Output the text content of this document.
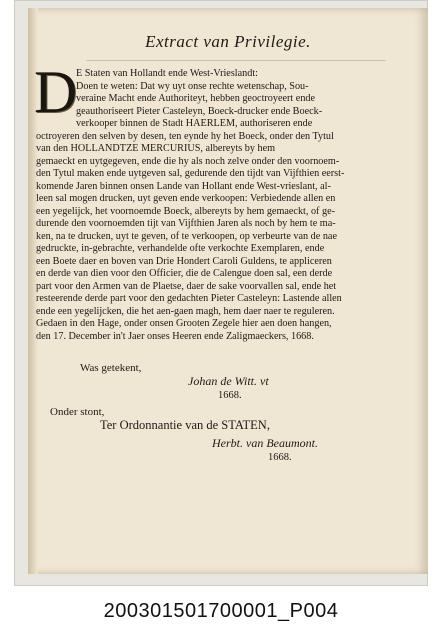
Extract van Privilegie.
D
E Staten van Hollandt ende West-Vrieslandt:
Doen te weten: Dat wy uyt onse rechte wetenschap, Sou-
veraine Macht ende Authoriteyt, hebben geoctroyeert ende
geauthoriseert Pieter Casteleyn, Boeck-drucker ende Boeck-
verkooper binnen de Stadt HAERLEM, authoriseren ende
octroyeren den selven by desen, ten eynde hy het Boeck, onder den Tytul
van den HOLLANDTZE MERCURIUS, albereyts by hem
gemaeckt en uytgegeven, ende die hy als noch zelve onder den voornoem-
den Tytul maken ende uytgeven sal, gedurende den tijdt van Vijfthien eerst-
komende Jaren binnen onsen Lande van Hollant ende West-vrieslant, al-
leen sal mogen drucken, uyt geven ende verkoopen: Verbiedende allen en
een yegelijck, het voornoemde Boeck, albereyts by hem gemaeckt, of ge-
durende den voornoemden tijt van Vijfthien Jaren als noch by hem te ma-
ken, na te drucken, uyt te geven, of te verkoopen, op verbeurte van de nae
gedruckte, in-gebrachte, verhandelde ofte verkochte Exemplaren, ende
een Boete daer en boven van Drie Hondert Caroli Guldens, te appliceren
en derde van dien voor den Officier, die de Calengue doen sal, een derde
part voor den Armen van de Plaetse, daer de sake voorvallen sal, ende het
resteerende derde part voor den gedachten Pieter Casteleyn: Lastende allen
ende een yegelijcken, die het aen-gaen magh, hem daer naer te reguleren.
Gedaen in den Hage, onder onsen Grooten Zegele hier aen doen hangen,
den 17. December in't Jaer onses Heeren ende Zaligmaeckers, 1668.
Was getekent,
Johan de Witt. vt
1668.
Onder stont,
Ter Ordonnantie van de STATEN,
Herbt. van Beaumont.
1668.
200301501700001_P004
